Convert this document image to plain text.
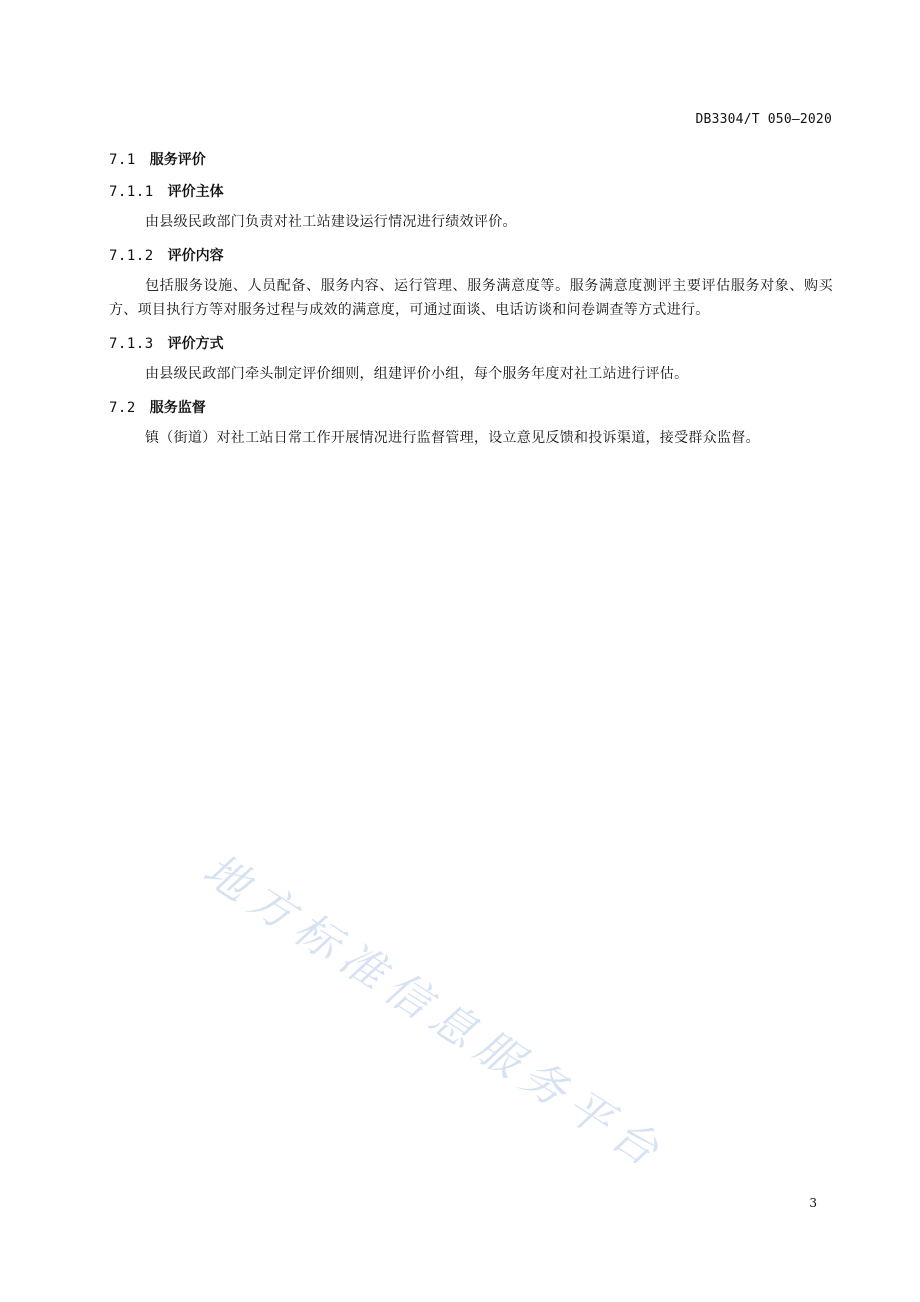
DB3304/T 050—2020
7.1 服务评价
7.1.1 评价主体

由县级民政部门负责对社工站建设运行情况进行绩效评价。

7.1.2 评价内容

包括服务设施、人员配备、服务内容、运行管理、服务满意度等。服务满意度测评主要评估服务对象、购买方、项目执行方等对服务过程与成效的满意度，可通过面谈、电话访谈和问卷调查等方式进行。

7.1.3 评价方式

由县级民政部门牵头制定评价细则，组建评价小组，每个服务年度对社工站进行评估。

7.2 服务监督

镇（街道）对社工站日常工作开展情况进行监督管理，设立意见反馈和投诉渠道，接受群众监督。

地方标准信息服务平台
3
